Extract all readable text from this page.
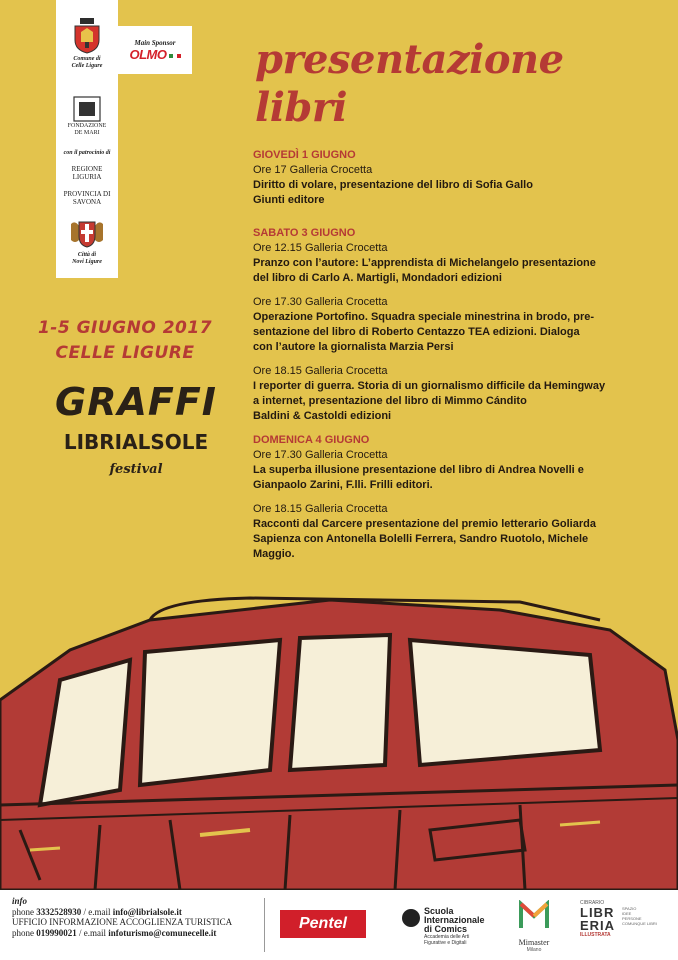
Comune di
Celle Ligure
FONDAZIONE
DE MARI
con il patrocinio di
REGIONE
LIGURIA
PROVINCIA DI
SAVONA
Città di
Novi Ligure
Main Sponsor
OLMO	presentazione
libri
1-5 GIUGNO 2017
CELLE LIGURE
GRAFFI
LIBRIALSOLE
festival
GIOVEDÌ 1 GIUGNO
Ore 17 Galleria Crocetta
Diritto di volare, presentazione del libro di Sofia Gallo
Giunti editore
SABATO 3 GIUGNO
Ore 12.15 Galleria Crocetta
Pranzo con l’autore: L’apprendista di Michelangelo presentazione
del libro di Carlo A. Martigli, Mondadori edizioni
Ore 17.30 Galleria Crocetta
Operazione Portofino. Squadra speciale minestrina in brodo, pre-
sentazione del libro di Roberto Centazzo TEA edizioni. Dialoga
con l’autore la giornalista Marzia Persi
Ore 18.15 Galleria Crocetta
I reporter di guerra. Storia di un giornalismo difficile da Hemingway
a internet, presentazione del libro di Mimmo Cándito
Baldini & Castoldi edizioni
DOMENICA 4 GIUGNO
Ore 17.30 Galleria Crocetta
La superba illusione presentazione del libro di Andrea Novelli e
Gianpaolo Zarini, F.lli. Frilli editori.
Ore 18.15 Galleria Crocetta
Racconti dal Carcere presentazione del premio letterario Goliarda
Sapienza con Antonella Bolelli Ferrera, Sandro Ruotolo, Michele
Maggio.
info
phone 3332528930 / e.mail info@librialsole.it
UFFICIO INFORMAZIONE ACCOGLIENZA TURISTICA
phone 019990021 / e.mail infoturismo@comunecelle.it
Pentel
Scuola
Internazionale
di Comics
Accademia delle Arti
Figurative e Digitali	Mimaster
Milano
CIBRARIO
LIBR
ERIA
ILLUSTRATA
SPAZIO
IDEE
PERSONE
COMUNQUE LIBRI
